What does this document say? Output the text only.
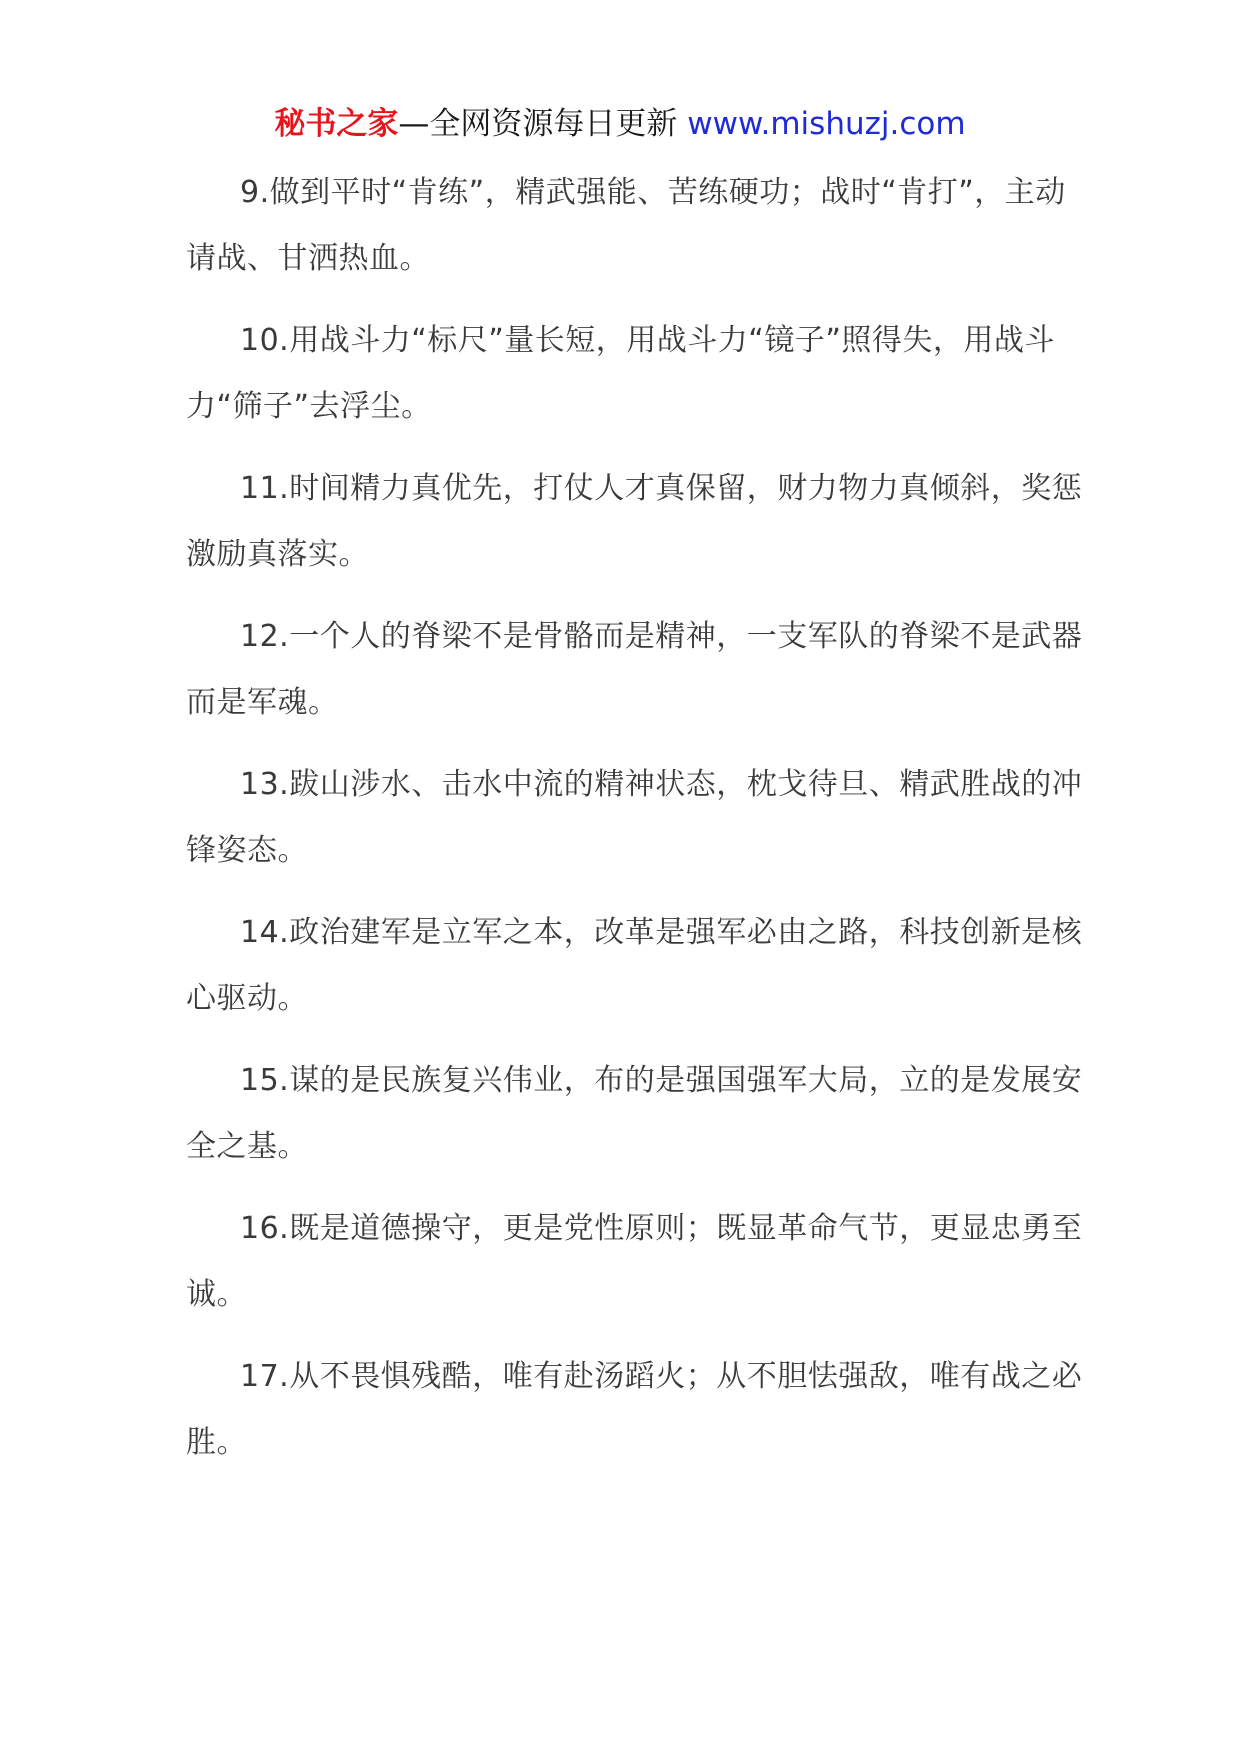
秘书之家—全网资源每日更新 www.mishuzj.com

9.做到平时“肯练”，精武强能、苦练硬功；战时“肯打”，主动请战、甘洒热血。

10.用战斗力“标尺”量长短，用战斗力“镜子”照得失，用战斗力“筛子”去浮尘。

11.时间精力真优先，打仗人才真保留，财力物力真倾斜，奖惩激励真落实。

12.一个人的脊梁不是骨骼而是精神，一支军队的脊梁不是武器而是军魂。

13.跋山涉水、击水中流的精神状态，枕戈待旦、精武胜战的冲锋姿态。

14.政治建军是立军之本，改革是强军必由之路，科技创新是核心驱动。

15.谋的是民族复兴伟业，布的是强国强军大局，立的是发展安全之基。

16.既是道德操守，更是党性原则；既显革命气节，更显忠勇至诚。

17.从不畏惧残酷，唯有赴汤蹈火；从不胆怯强敌，唯有战之必胜。
